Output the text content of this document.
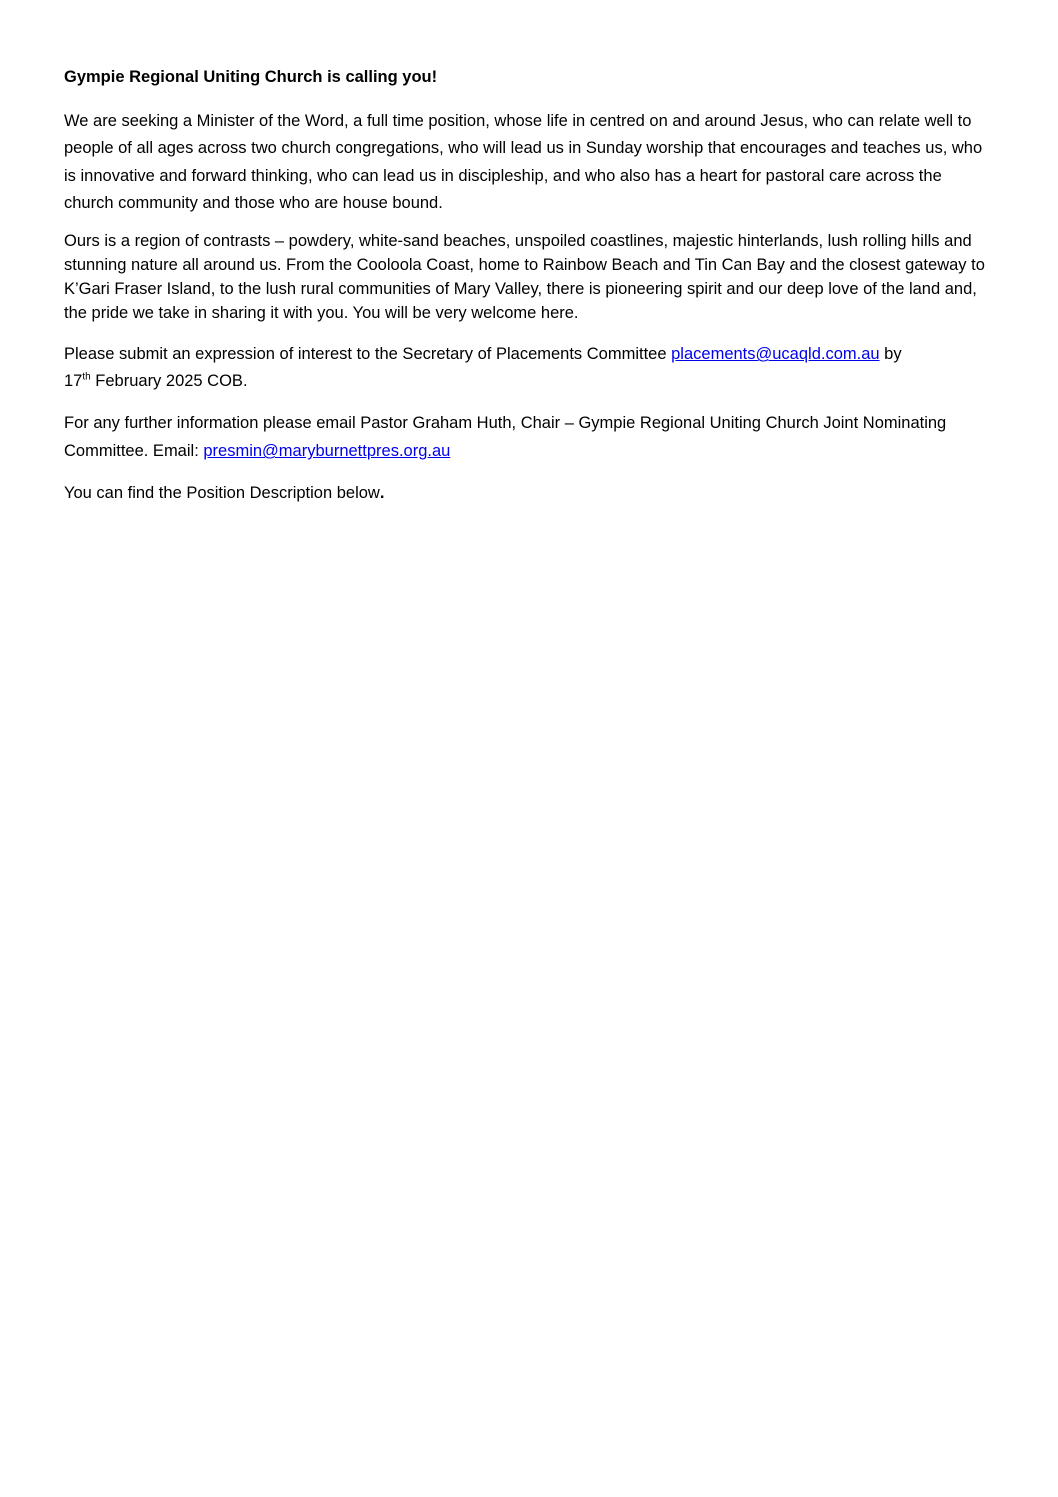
Gympie Regional Uniting Church is calling you!

We are seeking a Minister of the Word, a full time position, whose life in centred on and around Jesus, who can relate well to people of all ages across two church congregations, who will lead us in Sunday worship that encourages and teaches us, who is innovative and forward thinking, who can lead us in discipleship, and who also has a heart for pastoral care across the church community and those who are house bound.

Ours is a region of contrasts – powdery, white-sand beaches, unspoiled coastlines, majestic hinterlands, lush rolling hills and stunning nature all around us. From the Cooloola Coast, home to Rainbow Beach and Tin Can Bay and the closest gateway to K’Gari Fraser Island, to the lush rural communities of Mary Valley, there is pioneering spirit and our deep love of the land and, the pride we take in sharing it with you. You will be very welcome here.

Please submit an expression of interest to the Secretary of Placements Committee placements@ucaqld.com.au by
17th February 2025 COB.

For any further information please email Pastor Graham Huth, Chair – Gympie Regional Uniting Church Joint Nominating Committee. Email: presmin@maryburnettpres.org.au

You can find the Position Description below.
